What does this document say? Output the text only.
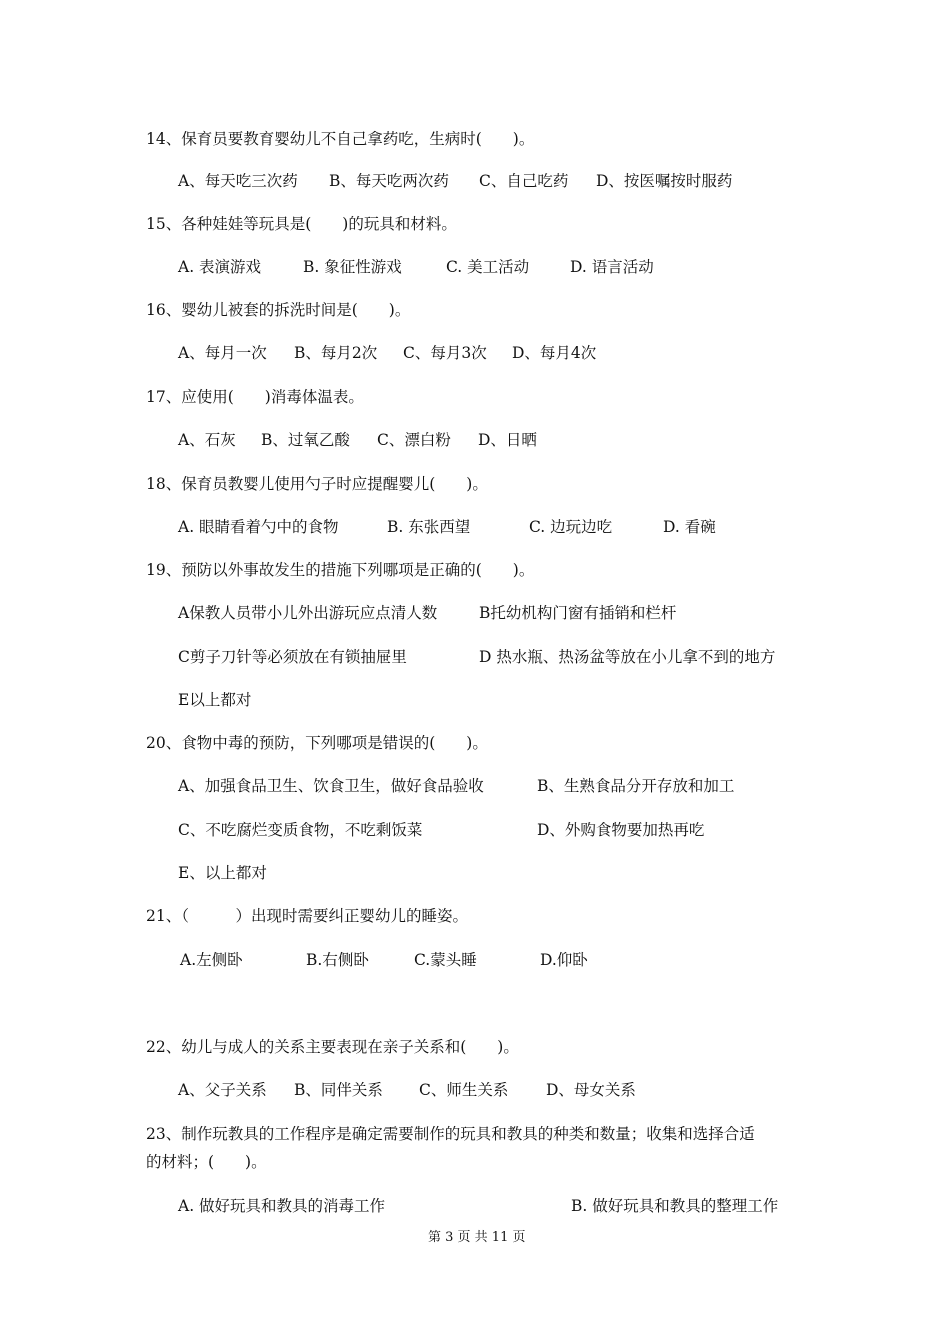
14、保育员要教育婴幼儿不自己拿药吃，生病时(　　)。
A、每天吃三次药 B、每天吃两次药 C、自己吃药 D、按医嘱按时服药
15、各种娃娃等玩具是(　　)的玩具和材料。
A. 表演游戏	B. 象征性游戏	C. 美工活动	D. 语言活动
16、婴幼儿被套的拆洗时间是(　　)。
A、每月一次 B、每月2次 C、每月3次 D、每月4次
17、应使用(　　)消毒体温表。
A、石灰 B、过氧乙酸 C、漂白粉 D、日晒
18、保育员教婴儿使用勺子时应提醒婴儿(　　)。
A. 眼睛看着勺中的食物	B. 东张西望	C. 边玩边吃	D. 看碗
19、预防以外事故发生的措施下列哪项是正确的(　　)。
A保教人员带小儿外出游玩应点清人数	B托幼机构门窗有插销和栏杆
C剪子刀针等必须放在有锁抽屉里	D 热水瓶、热汤盆等放在小儿拿不到的地方
E以上都对
20、食物中毒的预防，下列哪项是错误的(　　)。
A、加强食品卫生、饮食卫生，做好食品验收	B、生熟食品分开存放和加工
C、不吃腐烂变质食物，不吃剩饭菜	D、外购食物要加热再吃
E、以上都对
21、（　　　）出现时需要纠正婴幼儿的睡姿。
A.左侧卧	B.右侧卧	C.蒙头睡	D.仰卧
22、幼儿与成人的关系主要表现在亲子关系和(　　)。
A、父子关系 B、同伴关系 C、师生关系 D、母女关系
23、制作玩教具的工作程序是确定需要制作的玩具和教具的种类和数量；收集和选择合适
的材料；(　　)。
A. 做好玩具和教具的消毒工作	B. 做好玩具和教具的整理工作
第 3 页 共 11 页
